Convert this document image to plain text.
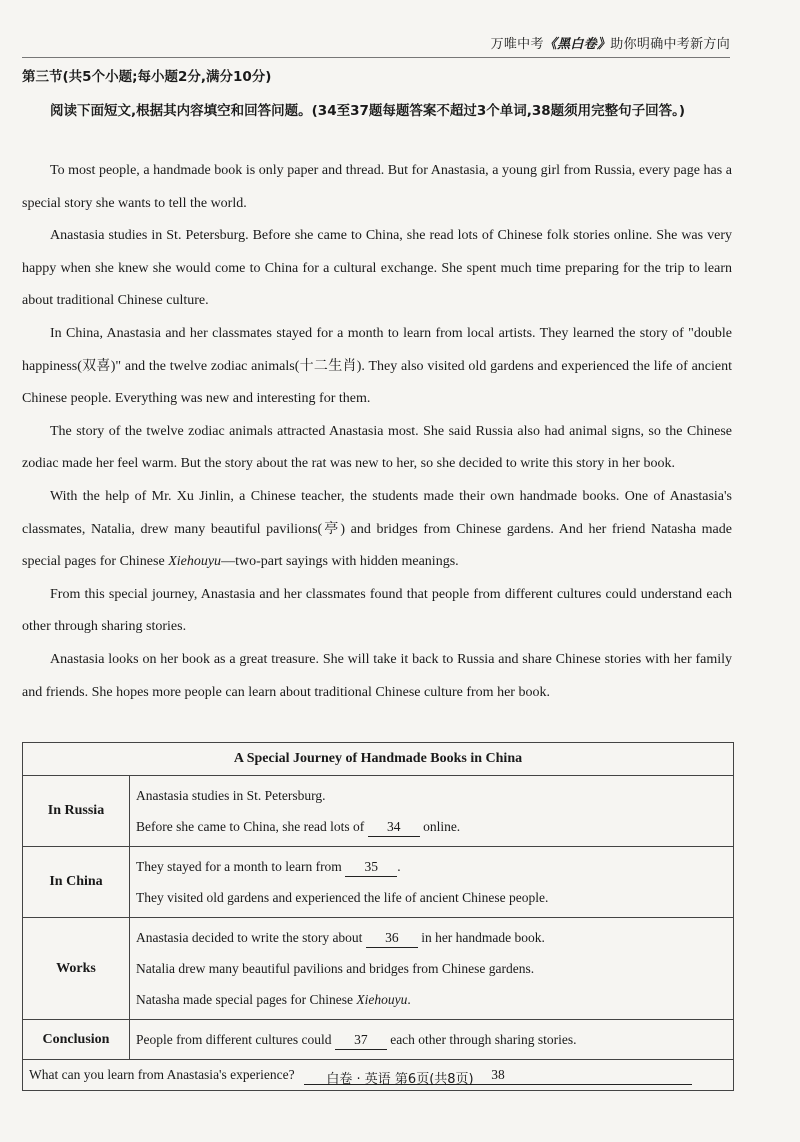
万唯中考《黑白卷》助你明确中考新方向
第三节(共5个小题;每小题2分,满分10分)
阅读下面短文,根据其内容填空和回答问题。(34至37题每题答案不超过3个单词,38题须用完整句子回答。)

To most people, a handmade book is only paper and thread. But for Anastasia, a young girl from Russia, every page has a special story she wants to tell the world.

Anastasia studies in St. Petersburg. Before she came to China, she read lots of Chinese folk stories online. She was very happy when she knew she would come to China for a cultural exchange. She spent much time preparing for the trip to learn about traditional Chinese culture.

In China, Anastasia and her classmates stayed for a month to learn from local artists. They learned the story of "double happiness(双喜)" and the twelve zodiac animals(十二生肖). They also visited old gardens and experienced the life of ancient Chinese people. Everything was new and interesting for them.

The story of the twelve zodiac animals attracted Anastasia most. She said Russia also had animal signs, so the Chinese zodiac made her feel warm. But the story about the rat was new to her, so she decided to write this story in her book.

With the help of Mr. Xu Jinlin, a Chinese teacher, the students made their own handmade books. One of Anastasia's classmates, Natalia, drew many beautiful pavilions(亭) and bridges from Chinese gardens. And her friend Natasha made special pages for Chinese Xiehouyu—two-part sayings with hidden meanings.

From this special journey, Anastasia and her classmates found that people from different cultures could understand each other through sharing stories.

Anastasia looks on her book as a great treasure. She will take it back to Russia and share Chinese stories with her family and friends. She hopes more people can learn about traditional Chinese culture from her book.

A Special Journey of Handmade Books in China	
In Russia	Anastasia studies in St. Petersburg.
Before she came to China, she read lots of 34 online.

In China	They stayed for a month to learn from 35 .
They visited old gardens and experienced the life of ancient Chinese people.

Works	Anastasia decided to write the story about 36 in her handmade book.
Natalia drew many beautiful pavilions and bridges from Chinese gardens.
Natasha made special pages for Chinese Xiehouyu.

Conclusion	People from different cultures could 37 each other through sharing stories.

What can you learn from Anastasia's experience? 38	
白卷 · 英语 第6页(共8页)
